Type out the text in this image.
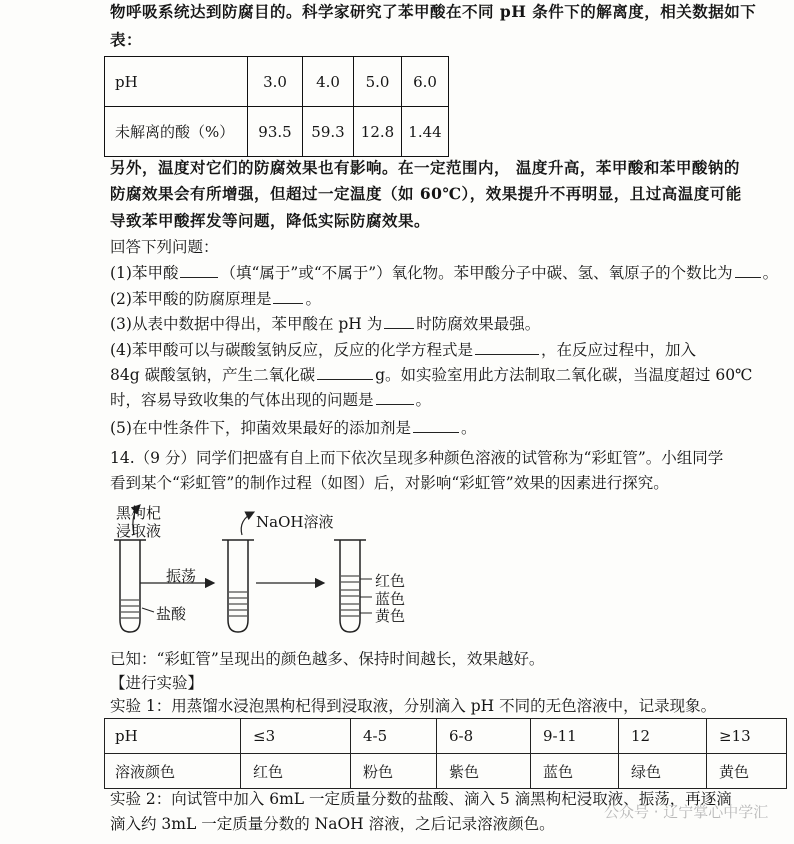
物呼吸系统达到防腐目的。科学家研究了苯甲酸在不同 pH 条件下的解离度，相关数据如下
表：
pH	3.0	4.0	5.0	6.0
未解离的酸（%）	93.5	59.3	12.8	1.44
另外，温度对它们的防腐效果也有影响。在一定范围内， 温度升高，苯甲酸和苯甲酸钠的
防腐效果会有所增强，但超过一定温度（如 60℃），效果提升不再明显，且过高温度可能
导致苯甲酸挥发等问题，降低实际防腐效果。
回答下列问题：
(1)苯甲酸	（填“属于”或“不属于”）氧化物。苯甲酸分子中碳、氢、氧原子的个数比为 。
(2)苯甲酸的防腐原理是 。
(3)从表中数据中得出，苯甲酸在 pH 为 时防腐效果最强。
(4)苯甲酸可以与碳酸氢钠反应，反应的化学方程式是	，在反应过程中，加入
84g 碳酸氢钠，产生二氧化碳	g。如实验室用此方法制取二氧化碳，当温度超过 60℃
时，容易导致收集的气体出现的问题是	。
(5)在中性条件下，抑菌效果最好的添加剂是	。
14.（9 分）同学们把盛有自上而下依次呈现多种颜色溶液的试管称为“彩虹管”。小组同学
看到某个“彩虹管”的制作过程（如图）后，对影响“彩虹管”效果的因素进行探究。
黑枸杞
浸取液	NaOH溶液
振荡
盐酸
红色
蓝色
黄色
已知：“彩虹管”呈现出的颜色越多、保持时间越长，效果越好。
【进行实验】
实验 1：用蒸馏水浸泡黑枸杞得到浸取液，分别滴入 pH 不同的无色溶液中，记录现象。
pH	≤3	4-5	6-8	9-11	12	≥13
溶液颜色	红色	粉色	紫色	蓝色	绿色	黄色
实验 2：向试管中加入 6mL 一定质量分数的盐酸、滴入 5 滴黑枸杞浸取液、振荡，再逐滴
滴入约 3mL 一定质量分数的 NaOH 溶液，之后记录溶液颜色。
公众号 · 辽宁掌心中学汇
